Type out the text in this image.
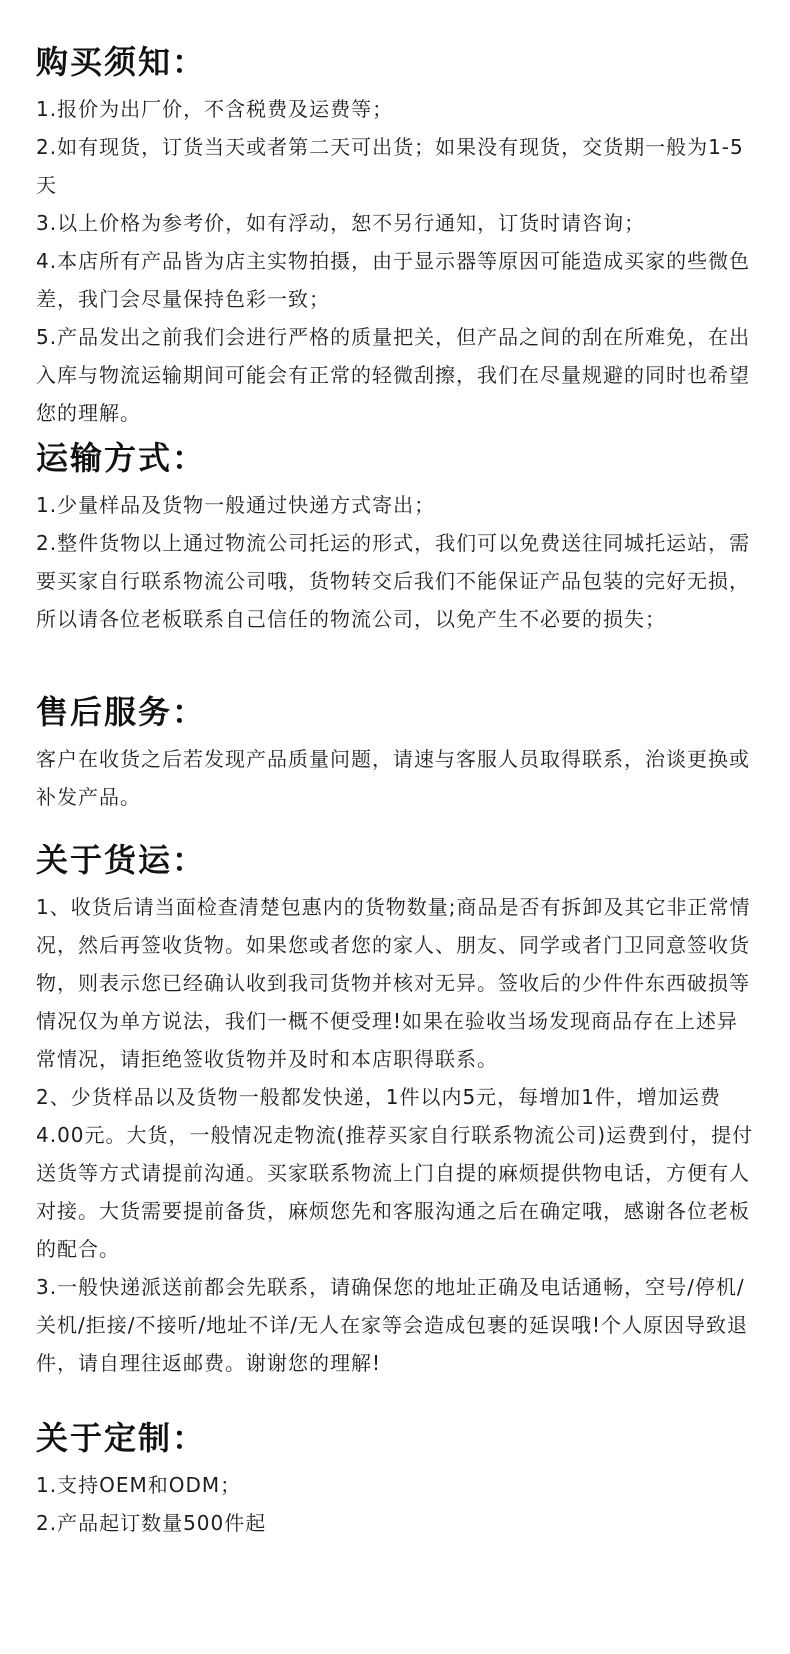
购买须知：

1.报价为出厂价，不含税费及运费等；

2.如有现货，订货当天或者第二天可出货；如果没有现货，交货期一般为1-5天

3.以上价格为参考价，如有浮动，恕不另行通知，订货时请咨询；

4.本店所有产品皆为店主实物拍摄，由于显示器等原因可能造成买家的些微色差，我门会尽量保持色彩一致；

5.产品发出之前我们会进行严格的质量把关，但产品之间的刮在所难免，在出入库与物流运输期间可能会有正常的轻微刮擦，我们在尽量规避的同时也希望您的理解。

运输方式：

1.少量样品及货物一般通过快递方式寄出；

2.整件货物以上通过物流公司托运的形式，我们可以免费送往同城托运站，需要买家自行联系物流公司哦，货物转交后我们不能保证产品包装的完好无损，所以请各位老板联系自己信任的物流公司，以免产生不必要的损失；

售后服务：

客户在收货之后若发现产品质量问题，请速与客服人员取得联系，治谈更换或补发产品。

关于货运：

1、收货后请当面检查清楚包惠内的货物数量;商品是否有拆卸及其它非正常情况，然后再签收货物。如果您或者您的家人、朋友、同学或者门卫同意签收货物，则表示您已经确认收到我司货物并核对无异。签收后的少件件东西破损等情况仅为单方说法，我们一概不便受理!如果在验收当场发现商品存在上述异常情况，请拒绝签收货物并及时和本店职得联系。

2、少货样品以及货物一般都发快递，1件以内5元，每增加1件，增加运费4.00元。大货，一般情况走物流(推荐买家自行联系物流公司)运费到付，提付送货等方式请提前沟通。买家联系物流上门自提的麻烦提供物电话，方便有人对接。大货需要提前备货，麻烦您先和客服沟通之后在确定哦，感谢各位老板的配合。

3.一般快递派送前都会先联系，请确保您的地址正确及电话通畅，空号/停机/关机/拒接/不接听/地址不详/无人在家等会造成包裹的延误哦!个人原因导致退件，请自理往返邮费。谢谢您的理解!

关于定制：

1.支持OEM和ODM；

2.产品起订数量500件起
